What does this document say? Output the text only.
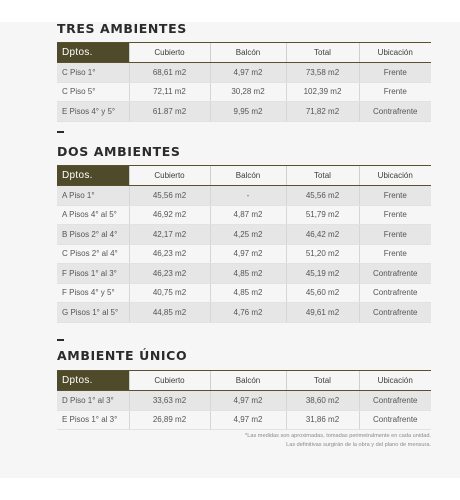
TRES AMBIENTES
Dptos.	Cubierto	Balcón	Total	Ubicación
C Piso 1°	68,61 m2	4,97 m2	73,58 m2	Frente
C Piso 5°	72,11 m2	30,28 m2	102,39 m2	Frente
E Pisos 4° y 5°	61.87 m2	9,95 m2	71,82 m2	Contrafrente
DOS AMBIENTES
Dptos.	Cubierto	Balcón	Total	Ubicación
A Piso 1°	45,56 m2	-	45,56 m2	Frente
A Pisos 4° al 5°	46,92 m2	4,87 m2	51,79 m2	Frente
B Pisos 2° al 4°	42,17 m2	4,25 m2	46,42 m2	Frente
C Pisos 2° al 4°	46,23 m2	4,97 m2	51,20 m2	Frente
F Pisos 1° al 3°	46,23 m2	4,85 m2	45,19 m2	Contrafrente
F Pisos 4° y 5°	40,75 m2	4,85 m2	45,60 m2	Contrafrente
G Pisos 1° al 5°	44,85 m2	4,76 m2	49,61 m2	Contrafrente
AMBIENTE ÚNICO
Dptos.	Cubierto	Balcón	Total	Ubicación
D Piso 1° al 3°	33,63 m2	4,97 m2	38,60 m2	Contrafrente
E Pisos 1° al 3°	26,89 m2	4,97 m2	31,86 m2	Contrafrente
*Las medidas son aproximadas, tomadas perimetralmente en cada unidad.
Las definitivas surgirán de la obra y del plano de mensura.
